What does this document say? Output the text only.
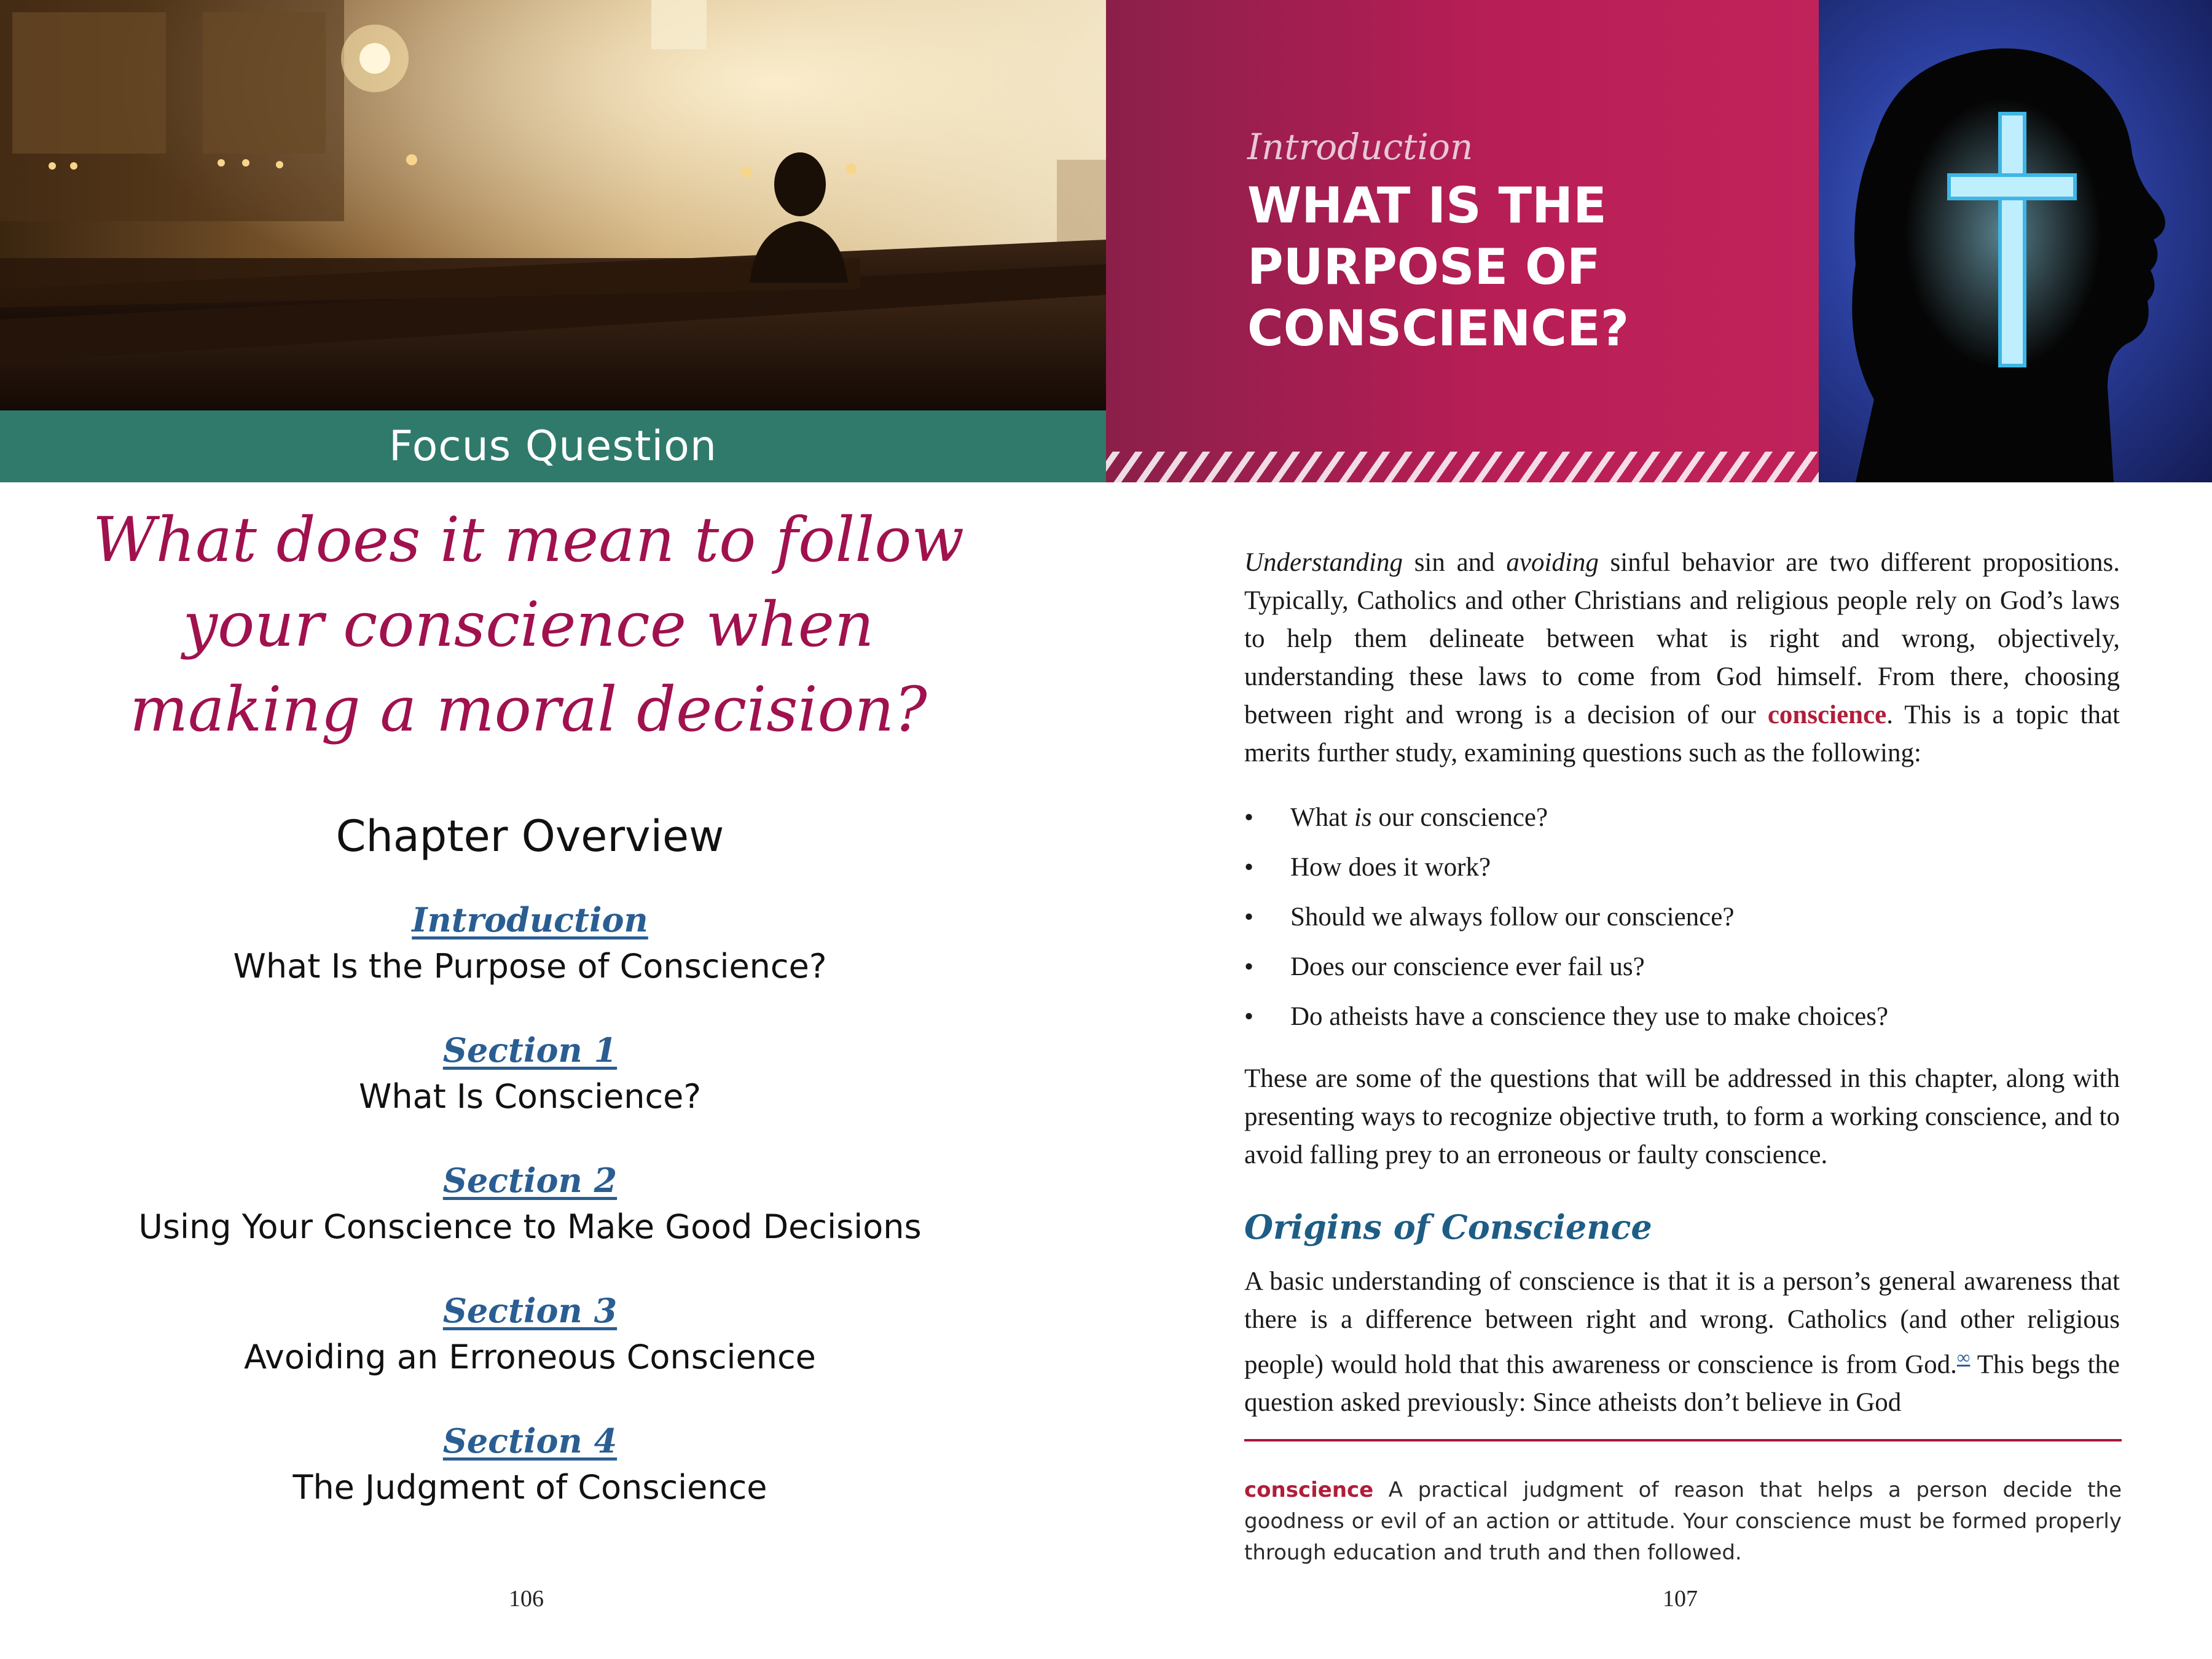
Focus Question
What does it mean to follow your conscience when making a moral decision?
Chapter Overview
Introduction
What Is the Purpose of Conscience?
Section 1
What Is Conscience?
Section 2
Using Your Conscience to Make Good Decisions
Section 3
Avoiding an Erroneous Conscience
Section 4
The Judgment of Conscience
106
Introduction
WHAT IS THE PURPOSE OF CONSCIENCE?

Understanding sin and avoiding sinful behavior are two different propositions. Typically, Catholics and other Christians and religious people rely on God’s laws to help them delineate between what is right and wrong, objectively, understanding these laws to come from God himself. From there, choosing between right and wrong is a decision of our conscience. This is a topic that merits further study, examining questions such as the following:

• What is our conscience?
• How does it work?
• Should we always follow our conscience?
• Does our conscience ever fail us?
• Do atheists have a conscience they use to make choices?
These are some of the questions that will be addressed in this chapter, along with presenting ways to recognize objective truth, to form a working conscience, and to avoid falling prey to an erroneous or faulty conscience.
Origins of Conscience
A basic understanding of conscience is that it is a person’s general awareness that there is a difference between right and wrong. Catholics (and other religious people) would hold that this awareness or conscience is from God.∞ This begs the question asked previously: Since atheists don’t believe in God
conscience A practical judgment of reason that helps a person decide the goodness or evil of an action or attitude. Your conscience must be formed properly through education and truth and then followed.
107
